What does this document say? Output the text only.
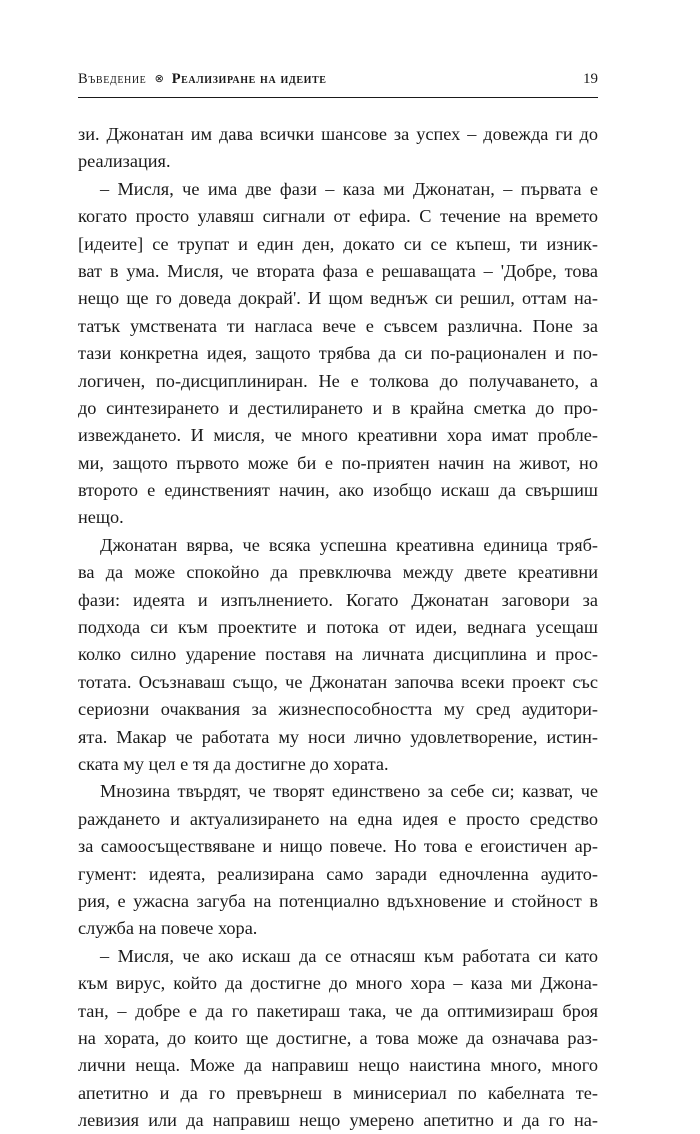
Въведение ⊗ Реализиране на идеите	19
зи. Джонатан им дава всички шансове за успех – довежда ги до
реализация.
– Мисля, че има две фази – каза ми Джонатан, – първата е
когато просто улавяш сигнали от ефира. С течение на времето
[идеите] се трупат и един ден, докато си се къпеш, ти изник-
ват в ума. Мисля, че втората фаза е решаващата – 'Добре, това
нещо ще го доведа докрай'. И щом веднъж си решил, оттам на-
татък умствената ти нагласа вече е съвсем различна. Поне за
тази конкретна идея, защото трябва да си по-рационален и по-
логичен, по-дисциплиниран. Не е толкова до получаването, а
до синтезирането и дестилирането и в крайна сметка до про-
извеждането. И мисля, че много креативни хора имат пробле-
ми, защото първото може би е по-приятен начин на живот, но
второто е единственият начин, ако изобщо искаш да свършиш
нещо.
Джонатан вярва, че всяка успешна креативна единица тряб-
ва да може спокойно да превключва между двете креативни
фази: идеята и изпълнението. Когато Джонатан заговори за
подхода си към проектите и потока от идеи, веднага усещаш
колко силно ударение поставя на личната дисциплина и прос-
тотата. Осъзнаваш също, че Джонатан започва всеки проект със
сериозни очаквания за жизнеспособността му сред аудитори-
ята. Макар че работата му носи лично удовлетворение, истин-
ската му цел е тя да достигне до хората.
Мнозина твърдят, че творят единствено за себе си; казват, че
раждането и актуализирането на една идея е просто средство
за самоосъществяване и нищо повече. Но това е егоистичен ар-
гумент: идеята, реализирана само заради едночленна аудито-
рия, е ужасна загуба на потенциално вдъхновение и стойност в
служба на повече хора.
– Мисля, че ако искаш да се отнасяш към работата си като
към вирус, който да достигне до много хора – каза ми Джона-
тан, – добре е да го пакетираш така, че да оптимизираш броя
на хората, до които ще достигне, а това може да означава раз-
лични неща. Може да направиш нещо наистина много, много
апетитно и да го превърнеш в минисериал по кабелната те-
левизия или да направиш нещо умерено апетитно и да го на-
